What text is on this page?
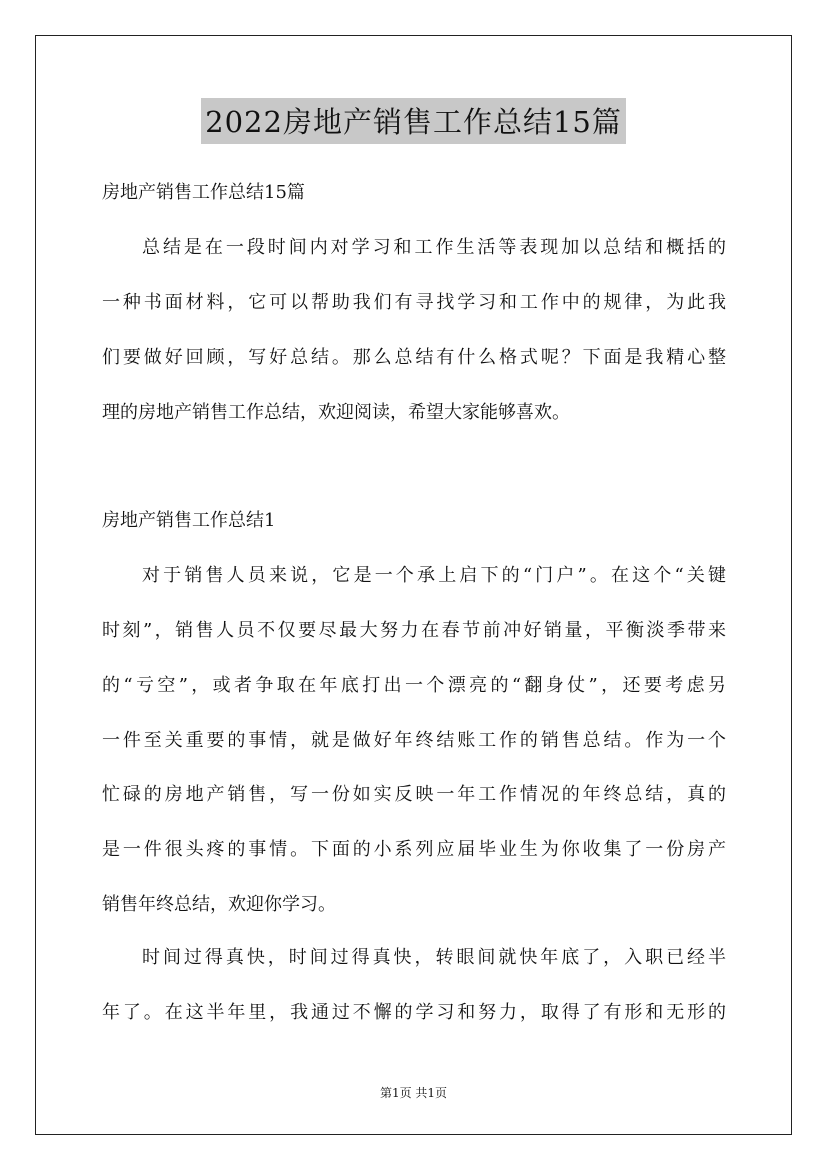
2022房地产销售工作总结15篇
房地产销售工作总结15篇
总结是在一段时间内对学习和工作生活等表现加以总结和概括的
一种书面材料，它可以帮助我们有寻找学习和工作中的规律，为此我
们要做好回顾，写好总结。那么总结有什么格式呢？下面是我精心整
理的房地产销售工作总结，欢迎阅读，希望大家能够喜欢。
房地产销售工作总结1
对于销售人员来说，它是一个承上启下的“门户”。在这个“关键
时刻”，销售人员不仅要尽最大努力在春节前冲好销量，平衡淡季带来
的“亏空”，或者争取在年底打出一个漂亮的“翻身仗”，还要考虑另
一件至关重要的事情，就是做好年终结账工作的销售总结。作为一个
忙碌的房地产销售，写一份如实反映一年工作情况的年终总结，真的
是一件很头疼的事情。下面的小系列应届毕业生为你收集了一份房产
销售年终总结，欢迎你学习。
时间过得真快，时间过得真快，转眼间就快年底了，入职已经半
年了。在这半年里，我通过不懈的学习和努力，取得了有形和无形的
第1页 共1页
